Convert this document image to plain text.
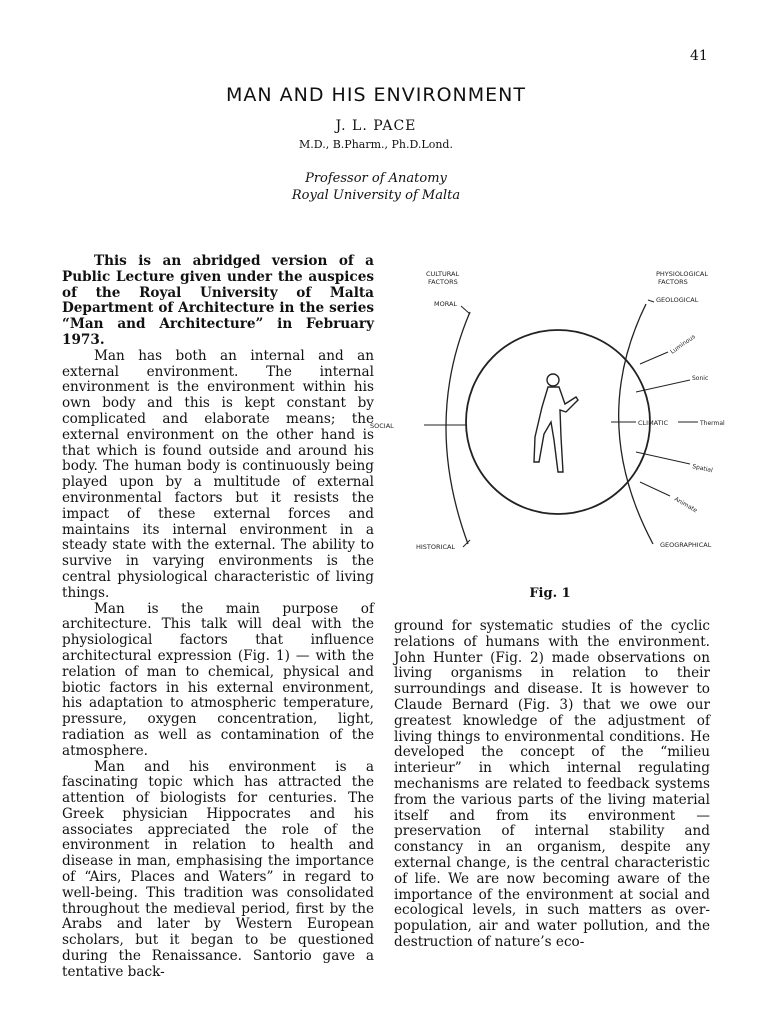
41
MAN AND HIS ENVIRONMENT
J. L. PACE
M.D., B.Pharm., Ph.D.Lond.
Professor of Anatomy
Royal University of Malta

This is an abridged version of a Public Lecture given under the auspices of the Royal University of Malta Department of Architecture in the series “Man and Architecture” in February 1973.

Man has both an internal and an external environment. The internal environment is the environment within his own body and this is kept constant by complicated and elaborate means; the external environment on the other hand is that which is found outside and around his body. The human body is continuously being played upon by a multitude of external environmental factors but it resists the impact of these external forces and maintains its internal environment in a steady state with the external. The ability to survive in varying environments is the central physiological characteristic of living things.

Man is the main purpose of architecture. This talk will deal with the physiological factors that influence architectural expression (Fig. 1) — with the relation of man to chemical, physical and biotic factors in his external environment, his adaptation to atmospheric temperature, pressure, oxygen concentration, light, radiation as well as contamination of the atmosphere.

Man and his environment is a fascinating topic which has attracted the attention of biologists for centuries. The Greek physician Hippocrates and his associates appreciated the role of the environment in relation to health and disease in man, emphasising the importance of “Airs, Places and Waters” in regard to well-being. This tradition was consolidated throughout the medieval period, first by the Arabs and later by Western European scholars, but it began to be questioned during the Renaissance. Santorio gave a tentative back-

CULTURAL
FACTORS
PHYSIOLOGICAL
FACTORS
MORAL	GEOLOGICAL
Luminous
Sonic
SOCIAL	CLIMATIC	Thermal
Spatial
Animate
HISTORICAL	GEOGRAPHICAL
Fig. 1

ground for systematic studies of the cyclic relations of humans with the environment. John Hunter (Fig. 2) made observations on living organisms in relation to their surroundings and disease. It is however to Claude Bernard (Fig. 3) that we owe our greatest knowledge of the adjustment of living things to environmental conditions. He developed the concept of the “milieu interieur” in which internal regulating mechanisms are related to feedback systems from the various parts of the living material itself and from its environment — preservation of internal stability and constancy in an organism, despite any external change, is the central characteristic of life. We are now becoming aware of the importance of the environment at social and ecological levels, in such matters as over-population, air and water pollution, and the destruction of nature’s eco-
